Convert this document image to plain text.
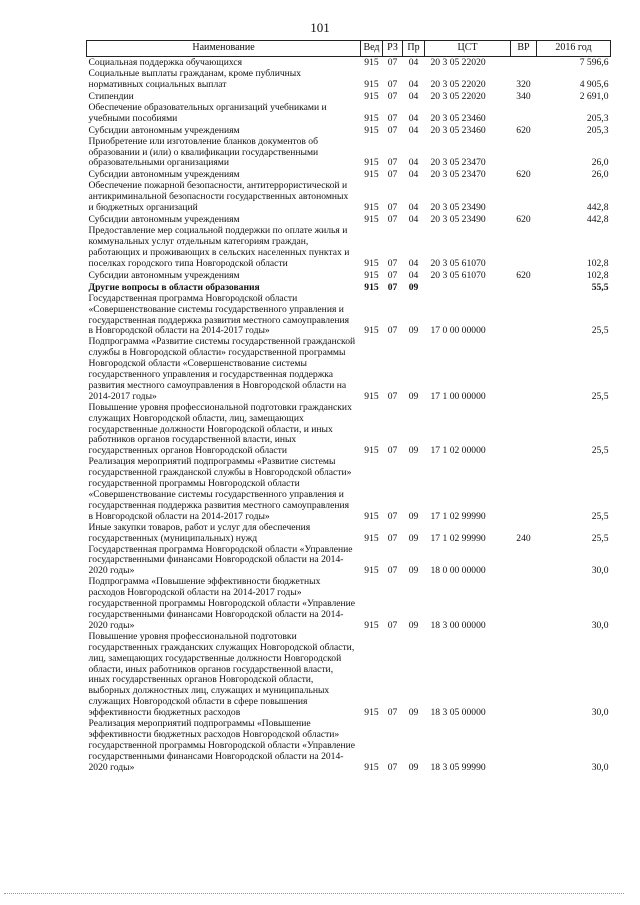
101
Наименование	Вед	РЗ	Пр	ЦСТ	ВР	2016 год
Социальная поддержка обучающихся	915	07	04	20 3 05 22020		7 596,6
Социальные выплаты гражданам, кроме публичных нормативных социальных выплат	915	07	04	20 3 05 22020	320	4 905,6
Стипендии	915	07	04	20 3 05 22020	340	2 691,0
Обеспечение образовательных организаций учебниками и учебными пособиями	915	07	04	20 3 05 23460		205,3
Субсидии автономным учреждениям	915	07	04	20 3 05 23460	620	205,3
Приобретение или изготовление бланков документов об образовании и (или) о квалификации государственными образовательными организациями	915	07	04	20 3 05 23470		26,0
Субсидии автономным учреждениям	915	07	04	20 3 05 23470	620	26,0
Обеспечение пожарной безопасности, антитеррористической и антикриминальной безопасности государственных автономных и бюджетных организаций	915	07	04	20 3 05 23490		442,8
Субсидии автономным учреждениям	915	07	04	20 3 05 23490	620	442,8
Предоставление мер социальной поддержки по оплате жилья и коммунальных услуг отдельным категориям граждан, работающих и проживающих в сельских населенных пунктах и поселках городского типа Новгородской области	915	07	04	20 3 05 61070		102,8
Субсидии автономным учреждениям	915	07	04	20 3 05 61070	620	102,8
Другие вопросы в области образования	915	07	09			55,5
Государственная программа Новгородской области «Совершенствование системы государственного управления и государственная поддержка развития местного самоуправления в Новгородской области на 2014-2017 годы»	915	07	09	17 0 00 00000		25,5
Подпрограмма «Развитие системы государственной гражданской службы в Новгородской области» государственной программы Новгородской области «Совершенствование системы государственного управления и государственная поддержка развития местного самоуправления в Новгородской области на 2014-2017 годы»	915	07	09	17 1 00 00000		25,5
Повышение уровня профессиональной подготовки гражданских служащих Новгородской области, лиц, замещающих государственные должности Новгородской области, и иных работников органов государственной власти, иных государственных органов Новгородской области	915	07	09	17 1 02 00000		25,5
Реализация мероприятий подпрограммы «Развитие системы государственной гражданской службы в Новгородской области» государственной программы Новгородской области «Совершенствование системы государственного управления и государственная поддержка развития местного самоуправления в Новгородской области на 2014-2017 годы»	915	07	09	17 1 02 99990		25,5
Иные закупки товаров, работ и услуг для обеспечения государственных (муниципальных) нужд	915	07	09	17 1 02 99990	240	25,5
Государственная программа Новгородской области «Управление государственными финансами Новгородской области на 2014-2020 годы»	915	07	09	18 0 00 00000		30,0
Подпрограмма «Повышение эффективности бюджетных расходов Новгородской области на 2014-2017 годы» государственной программы Новгородской области «Управление государственными финансами Новгородской области на 2014-2020 годы»	915	07	09	18 3 00 00000		30,0
Повышение уровня профессиональной подготовки государственных гражданских служащих Новгородской области, лиц, замещающих государственные должности Новгородской области, иных работников органов государственной власти, иных государственных органов Новгородской области, выборных должностных лиц, служащих и муниципальных служащих Новгородской области в сфере повышения эффективности бюджетных расходов	915	07	09	18 3 05 00000		30,0
Реализация мероприятий подпрограммы «Повышение эффективности бюджетных расходов Новгородской области» государственной программы Новгородской области «Управление государственными финансами Новгородской области на 2014-2020 годы»	915	07	09	18 3 05 99990		30,0
